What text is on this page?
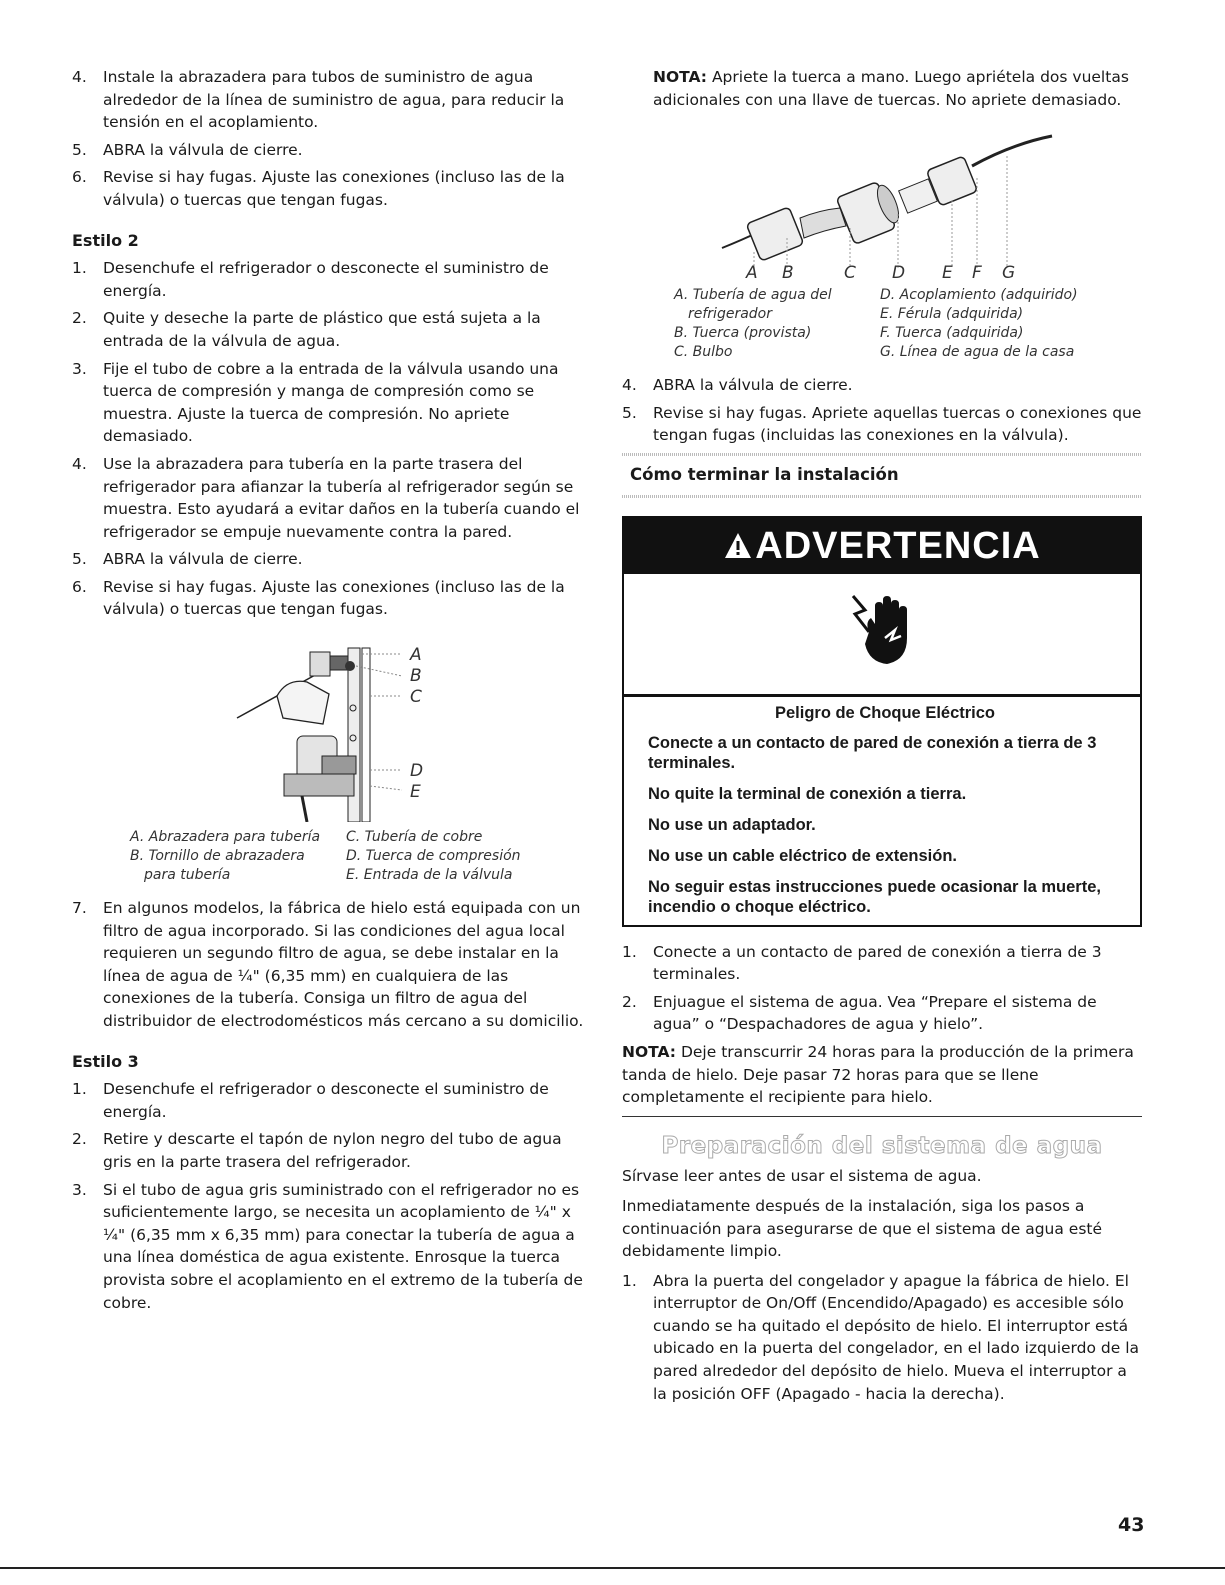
4. Instale la abrazadera para tubos de suministro de agua alrededor de la línea de suministro de agua, para reducir la tensión en el acoplamiento.
5. ABRA la válvula de cierre.
6. Revise si hay fugas. Ajuste las conexiones (incluso las de la válvula) o tuercas que tengan fugas.
Estilo 2
1. Desenchufe el refrigerador o desconecte el suministro de energía.
2. Quite y deseche la parte de plástico que está sujeta a la entrada de la válvula de agua.
3. Fije el tubo de cobre a la entrada de la válvula usando una tuerca de compresión y manga de compresión como se muestra. Ajuste la tuerca de compresión. No apriete demasiado.
4. Use la abrazadera para tubería en la parte trasera del refrigerador para afianzar la tubería al refrigerador según se muestra. Esto ayudará a evitar daños en la tubería cuando el refrigerador se empuje nuevamente contra la pared.
5. ABRA la válvula de cierre.
6. Revise si hay fugas. Ajuste las conexiones (incluso las de la válvula) o tuercas que tengan fugas.
A
B
C
D
E
A. Abrazadera para tubería
B. Tornillo de abrazadera para tubería
C. Tubería de cobre
D. Tuerca de compresión
E. Entrada de la válvula
7. En algunos modelos, la fábrica de hielo está equipada con un filtro de agua incorporado. Si las condiciones del agua local requieren un segundo filtro de agua, se debe instalar en la línea de agua de ¼" (6,35 mm) en cualquiera de las conexiones de la tubería. Consiga un filtro de agua del distribuidor de electrodomésticos más cercano a su domicilio.
Estilo 3
1. Desenchufe el refrigerador o desconecte el suministro de energía.
2. Retire y descarte el tapón de nylon negro del tubo de agua gris en la parte trasera del refrigerador.
3. Si el tubo de agua gris suministrado con el refrigerador no es suficientemente largo, se necesita un acoplamiento de ¼" x ¼" (6,35 mm x 6,35 mm) para conectar la tubería de agua a una línea doméstica de agua existente. Enrosque la tuerca provista sobre el acoplamiento en el extremo de la tubería de cobre.
NOTA: Apriete la tuerca a mano. Luego apriétela dos vueltas adicionales con una llave de tuercas. No apriete demasiado.
A B	C D E F G
A. Tubería de agua del refrigerador
B. Tuerca (provista)
C. Bulbo
D. Acoplamiento (adquirido)
E. Férula (adquirida)
F. Tuerca (adquirida)
G. Línea de agua de la casa
4. ABRA la válvula de cierre.
5. Revise si hay fugas. Apriete aquellas tuercas o conexiones que tengan fugas (incluidas las conexiones en la válvula).
Cómo terminar la instalación
ADVERTENCIA
Peligro de Choque Eléctrico
Conecte a un contacto de pared de conexión a tierra de 3 terminales.
No quite la terminal de conexión a tierra.
No use un adaptador.
No use un cable eléctrico de extensión.
No seguir estas instrucciones puede ocasionar la muerte, incendio o choque eléctrico.
1. Conecte a un contacto de pared de conexión a tierra de 3 terminales.
2. Enjuague el sistema de agua. Vea “Prepare el sistema de agua” o “Despachadores de agua y hielo”.
NOTA: Deje transcurrir 24 horas para la producción de la primera tanda de hielo. Deje pasar 72 horas para que se llene completamente el recipiente para hielo.
Preparación del sistema de agua
Sírvase leer antes de usar el sistema de agua.
Inmediatamente después de la instalación, siga los pasos a continuación para asegurarse de que el sistema de agua esté debidamente limpio.
1. Abra la puerta del congelador y apague la fábrica de hielo. El interruptor de On/Off (Encendido/Apagado) es accesible sólo cuando se ha quitado el depósito de hielo. El interruptor está ubicado en la puerta del congelador, en el lado izquierdo de la pared alrededor del depósito de hielo. Mueva el interruptor a la posición OFF (Apagado - hacia la derecha).
43
